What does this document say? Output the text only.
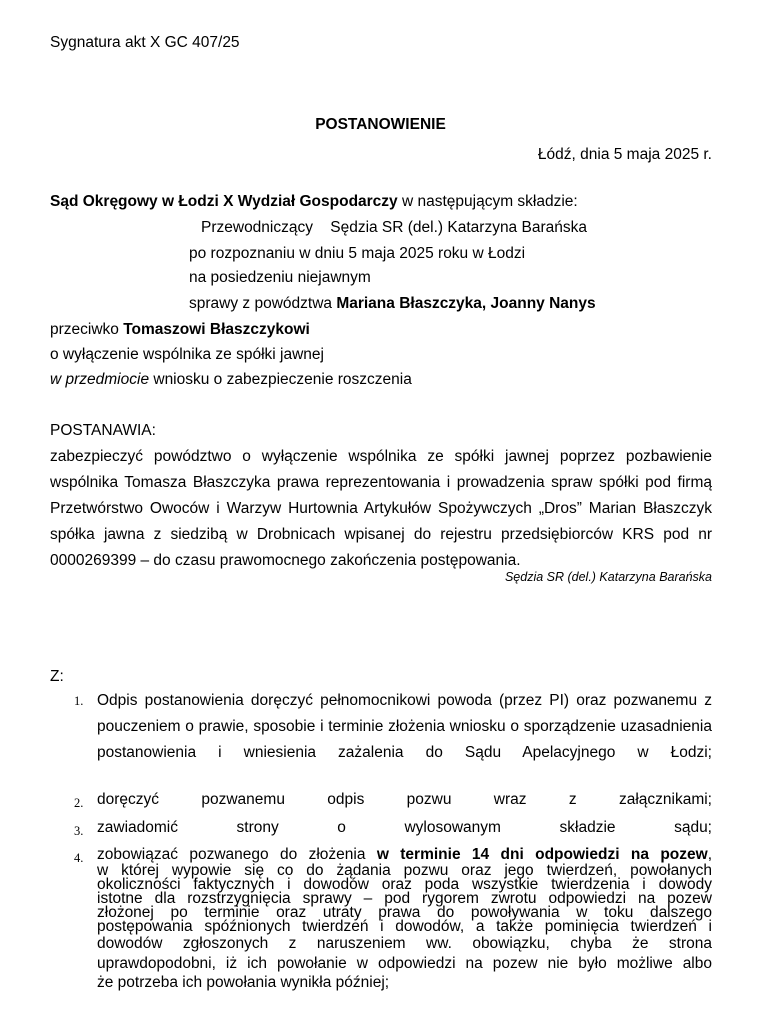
Sygnatura akt X GC 407/25
POSTANOWIENIE
Łódź, dnia 5 maja 2025 r.
Sąd Okręgowy w Łodzi X Wydział Gospodarczy w następującym składzie:
Przewodniczący Sędzia SR (del.) Katarzyna Barańska
po rozpoznaniu w dniu 5 maja 2025 roku w Łodzi
na posiedzeniu niejawnym
sprawy z powództwa Mariana Błaszczyka, Joanny Nanys
przeciwko Tomaszowi Błaszczykowi
o wyłączenie wspólnika ze spółki jawnej
w przedmiocie wniosku o zabezpieczenie roszczenia
POSTANAWIA:
zabezpieczyć powództwo o wyłączenie wspólnika ze spółki jawnej poprzez pozbawienie wspólnika Tomasza Błaszczyka prawa reprezentowania i prowadzenia spraw spółki pod firmą Przetwórstwo Owoców i Warzyw Hurtownia Artykułów Spożywczych „Dros” Marian Błaszczyk spółka jawna z siedzibą w Drobnicach wpisanej do rejestru przedsiębiorców KRS pod nr 0000269399 – do czasu prawomocnego zakończenia postępowania.
Sędzia SR (del.) Katarzyna Barańska
Z:
1. Odpis postanowienia doręczyć pełnomocnikowi powoda (przez PI) oraz pozwanemu z pouczeniem o prawie, sposobie i terminie złożenia wniosku o sporządzenie uzasadnienia postanowienia i wniesienia zażalenia do Sądu Apelacyjnego w Łodzi;
2. doręczyć pozwanemu odpis pozwu wraz z załącznikami;
3. zawiadomić strony o wylosowanym składzie sądu;
4. zobowiązać pozwanego do złożenia w terminie 14 dni odpowiedzi na pozew,
w której wypowie się co do żądania pozwu oraz jego twierdzeń, powołanych
okoliczności faktycznych i dowodów oraz poda wszystkie twierdzenia i dowody
istotne dla rozstrzygnięcia sprawy – pod rygorem zwrotu odpowiedzi na pozew
złożonej po terminie oraz utraty prawa do powoływania w toku dalszego
postępowania spóźnionych twierdzeń i dowodów, a także pominięcia twierdzeń i
dowodów zgłoszonych z naruszeniem ww. obowiązku, chyba że strona
uprawdopodobni, iż ich powołanie w odpowiedzi na pozew nie było możliwe albo
że potrzeba ich powołania wynikła później;
